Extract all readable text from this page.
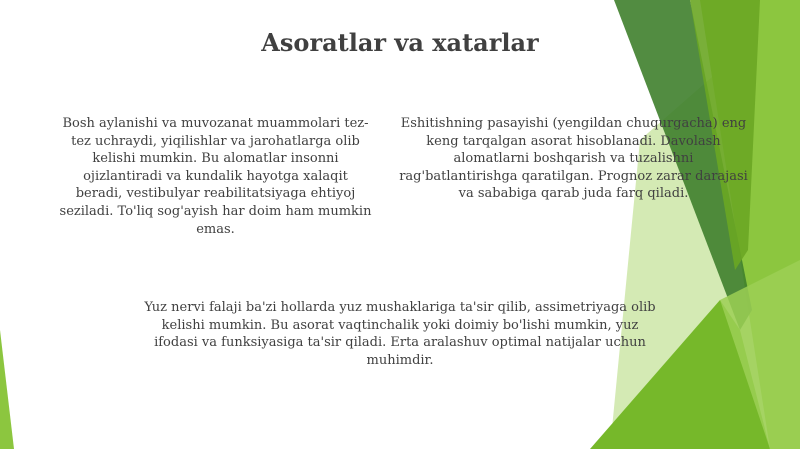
Asoratlar va xatarlar

Bosh aylanishi va muvozanat muammolari tez-tez uchraydi, yiqilishlar va jarohatlarga olib kelishi mumkin. Bu alomatlar insonni ojizlantiradi va kundalik hayotga xalaqit beradi, vestibulyar reabilitatsiyaga ehtiyoj seziladi. To'liq sog'ayish har doim ham mumkin emas.

Eshitishning pasayishi (yengildan chuqurgacha) eng keng tarqalgan asorat hisoblanadi. Davolash alomatlarni boshqarish va tuzalishni rag'batlantirishga qaratilgan. Prognoz zarar darajasi va sababiga qarab juda farq qiladi.

Yuz nervi falaji ba'zi hollarda yuz mushaklariga ta'sir qilib, assimetriyaga olib kelishi mumkin. Bu asorat vaqtinchalik yoki doimiy bo'lishi mumkin, yuz ifodasi va funksiyasiga ta'sir qiladi. Erta aralashuv optimal natijalar uchun muhimdir.
